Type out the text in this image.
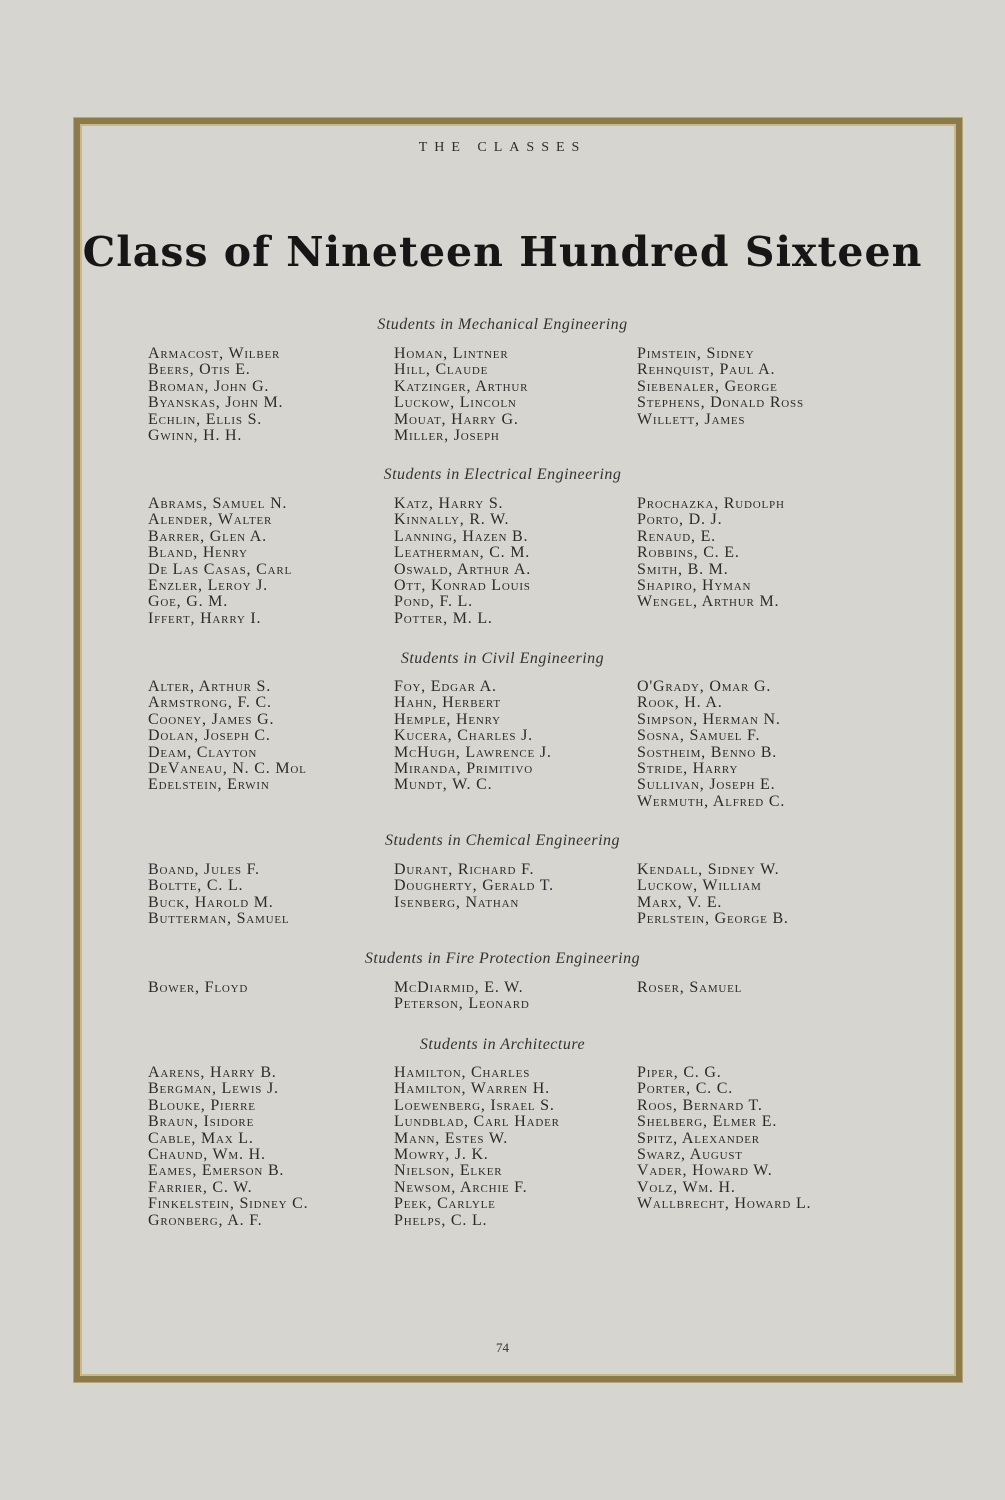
THE CLASSES
Class of Nineteen Hundred Sixteen
Students in Mechanical Engineering
Armacost, Wilber
Beers, Otis E.
Broman, John G.
Byanskas, John M.
Echlin, Ellis S.
Gwinn, H. H.
Homan, Lintner
Hill, Claude
Katzinger, Arthur
Luckow, Lincoln
Mouat, Harry G.
Miller, Joseph
Pimstein, Sidney
Rehnquist, Paul A.
Siebenaler, George
Stephens, Donald Ross
Willett, James
Students in Electrical Engineering
Abrams, Samuel N.
Alender, Walter
Barrer, Glen A.
Bland, Henry
De Las Casas, Carl
Enzler, Leroy J.
Goe, G. M.
Iffert, Harry I.
Katz, Harry S.
Kinnally, R. W.
Lanning, Hazen B.
Leatherman, C. M.
Oswald, Arthur A.
Ott, Konrad Louis
Pond, F. L.
Potter, M. L.
Prochazka, Rudolph
Porto, D. J.
Renaud, E.
Robbins, C. E.
Smith, B. M.
Shapiro, Hyman
Wengel, Arthur M.
Students in Civil Engineering
Alter, Arthur S.
Armstrong, F. C.
Cooney, James G.
Dolan, Joseph C.
Deam, Clayton
DeVaneau, N. C. Mol
Edelstein, Erwin
Foy, Edgar A.
Hahn, Herbert
Hemple, Henry
Kucera, Charles J.
McHugh, Lawrence J.
Miranda, Primitivo
Mundt, W. C.
O'Grady, Omar G.
Rook, H. A.
Simpson, Herman N.
Sosna, Samuel F.
Sostheim, Benno B.
Stride, Harry
Sullivan, Joseph E.
Wermuth, Alfred C.
Students in Chemical Engineering
Boand, Jules F.
Boltte, C. L.
Buck, Harold M.
Butterman, Samuel
Durant, Richard F.
Dougherty, Gerald T.
Isenberg, Nathan
Kendall, Sidney W.
Luckow, William
Marx, V. E.
Perlstein, George B.
Students in Fire Protection Engineering
Bower, Floyd	McDiarmid, E. W.
Peterson, Leonard
Roser, Samuel
Students in Architecture
Aarens, Harry B.
Bergman, Lewis J.
Blouke, Pierre
Braun, Isidore
Cable, Max L.
Chaund, Wm. H.
Eames, Emerson B.
Farrier, C. W.
Finkelstein, Sidney C.
Gronberg, A. F.
Hamilton, Charles
Hamilton, Warren H.
Loewenberg, Israel S.
Lundblad, Carl Hader
Mann, Estes W.
Mowry, J. K.
Nielson, Elker
Newsom, Archie F.
Peek, Carlyle
Phelps, C. L.
Piper, C. G.
Porter, C. C.
Roos, Bernard T.
Shelberg, Elmer E.
Spitz, Alexander
Swarz, August
Vader, Howard W.
Volz, Wm. H.
Wallbrecht, Howard L.
74
